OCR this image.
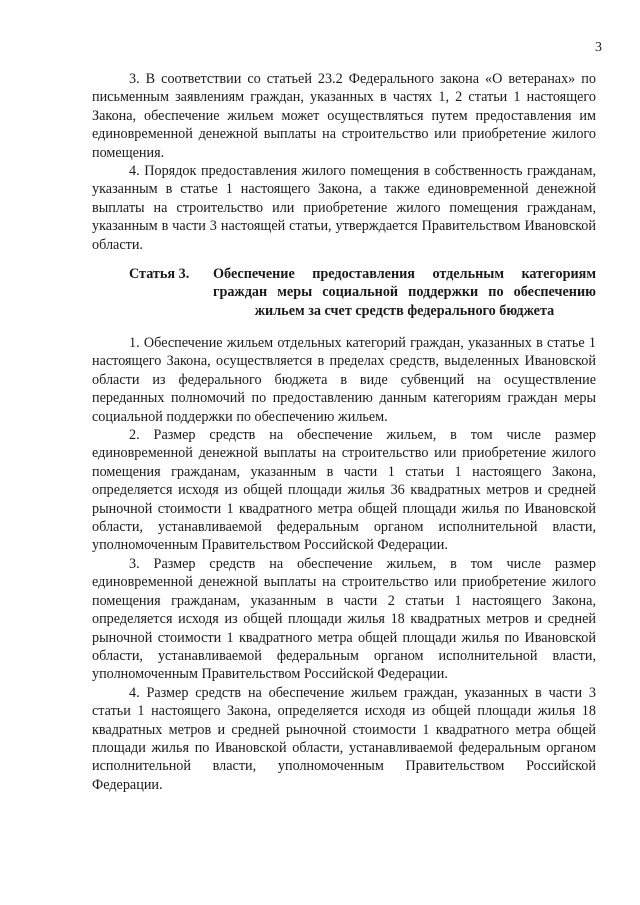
3

3. В соответствии со статьей 23.2 Федерального закона «О ветеранах» по письменным заявлениям граждан, указанных в частях 1, 2 статьи 1 настоящего Закона, обеспечение жильем может осуществляться путем предоставления им единовременной денежной выплаты на строительство или приобретение жилого помещения.

4. Порядок предоставления жилого помещения в собственность гражданам, указанным в статье 1 настоящего Закона, а также единовременной денежной выплаты на строительство или приобретение жилого помещения гражданам, указанным в части 3 настоящей статьи, утверждается Правительством Ивановской области.

Статья 3. Обеспечение предоставления отдельным категориям граждан меры социальной поддержки по обеспечению жильем за счет средств федерального бюджета

1. Обеспечение жильем отдельных категорий граждан, указанных в статье 1 настоящего Закона, осуществляется в пределах средств, выделенных Ивановской области из федерального бюджета в виде субвенций на осуществление переданных полномочий по предоставлению данным категориям граждан меры социальной поддержки по обеспечению жильем.

2. Размер средств на обеспечение жильем, в том числе размер единовременной денежной выплаты на строительство или приобретение жилого помещения гражданам, указанным в части 1 статьи 1 настоящего Закона, определяется исходя из общей площади жилья 36 квадратных метров и средней рыночной стоимости 1 квадратного метра общей площади жилья по Ивановской области, устанавливаемой федеральным органом исполнительной власти, уполномоченным Правительством Российской Федерации.

3. Размер средств на обеспечение жильем, в том числе размер единовременной денежной выплаты на строительство или приобретение жилого помещения гражданам, указанным в части 2 статьи 1 настоящего Закона, определяется исходя из общей площади жилья 18 квадратных метров и средней рыночной стоимости 1 квадратного метра общей площади жилья по Ивановской области, устанавливаемой федеральным органом исполнительной власти, уполномоченным Правительством Российской Федерации.

4. Размер средств на обеспечение жильем граждан, указанных в части 3 статьи 1 настоящего Закона, определяется исходя из общей площади жилья 18 квадратных метров и средней рыночной стоимости 1 квадратного метра общей площади жилья по Ивановской области, устанавливаемой федеральным органом исполнительной власти, уполномоченным Правительством Российской Федерации.
